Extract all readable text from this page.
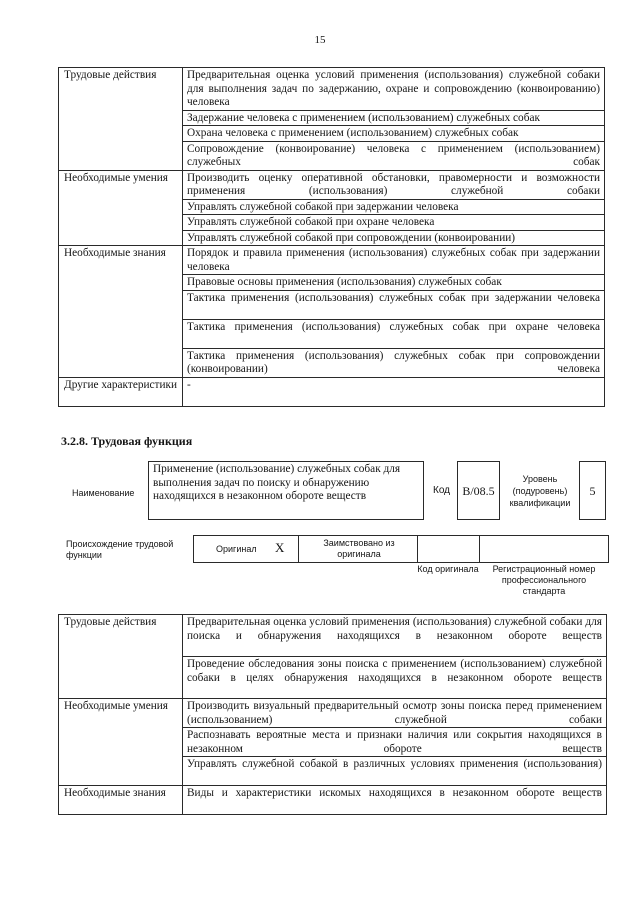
15
Трудовые действия	Предварительная оценка условий применения (использования) служебной собаки для выполнения задач по задержанию, охране и сопровождению (конвоированию) человека
	Задержание человека с применением (использованием) служебных собак
	Охрана человека с применением (использованием) служебных собак
	Сопровождение (конвоирование) человека с применением (использованием) служебных собак
Необходимые умения	Производить оценку оперативной обстановки, правомерности и возможности применения (использования) служебной собаки
	Управлять служебной собакой при задержании человека
	Управлять служебной собакой при охране человека
	Управлять служебной собакой при сопровождении (конвоировании)
Необходимые знания	Порядок и правила применения (использования) служебных собак при задержании человека
	Правовые основы применения (использования) служебных собак
	Тактика применения (использования) служебных собак при задержании человека
	Тактика применения (использования) служебных собак при охране человека
	Тактика применения (использования) служебных собак при сопровождении (конвоировании) человека
Другие характеристики	-
3.2.8. Трудовая функция
Наименование
Применение (использование) служебных собак для выполнения задач по поиску и обнаружению находящихся в незаконном обороте веществ	Код	B/08.5
Уровень (подуровень) квалификации
5
Происхождение трудовой функции
Оригинал X	Заимствовано из оригинала
Код оригинала	Регистрационный номер профессионального стандарта
Трудовые действия	Предварительная оценка условий применения (использования) служебной собаки для поиска и обнаружения находящихся в незаконном обороте веществ
	Проведение обследования зоны поиска с применением (использованием) служебной собаки в целях обнаружения находящихся в незаконном обороте веществ
Необходимые умения	Производить визуальный предварительный осмотр зоны поиска перед применением (использованием) служебной собаки
	Распознавать вероятные места и признаки наличия или сокрытия находящихся в незаконном обороте веществ
	Управлять служебной собакой в различных условиях применения (использования)
Необходимые знания	Виды и характеристики искомых находящихся в незаконном обороте веществ
